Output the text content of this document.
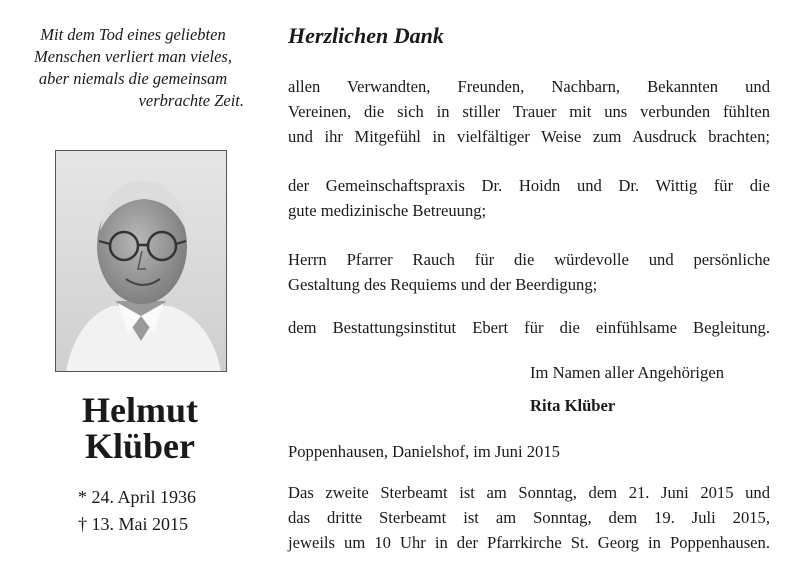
Mit dem Tod eines geliebten
Menschen verliert man vieles,
aber niemals die gemeinsam
verbrachte Zeit.
Helmut
Klüber
* 24. April 1936
† 13. Mai 2015
Herzlichen Dank
allen Verwandten, Freunden, Nachbarn, Bekannten und
Vereinen, die sich in stiller Trauer mit uns verbunden fühlten
und ihr Mitgefühl in vielfältiger Weise zum Ausdruck brachten;
der Gemeinschaftspraxis Dr. Hoidn und Dr. Wittig für die
gute medizinische Betreuung;
Herrn Pfarrer Rauch für die würdevolle und persönliche
Gestaltung des Requiems und der Beerdigung;
dem Bestattungsinstitut Ebert für die einfühlsame Begleitung.
Im Namen aller Angehörigen
Rita Klüber
Poppenhausen, Danielshof, im Juni 2015
Das zweite Sterbeamt ist am Sonntag, dem 21. Juni 2015 und
das dritte Sterbeamt ist am Sonntag, dem 19. Juli 2015,
jeweils um 10 Uhr in der Pfarrkirche St. Georg in Poppenhausen.
